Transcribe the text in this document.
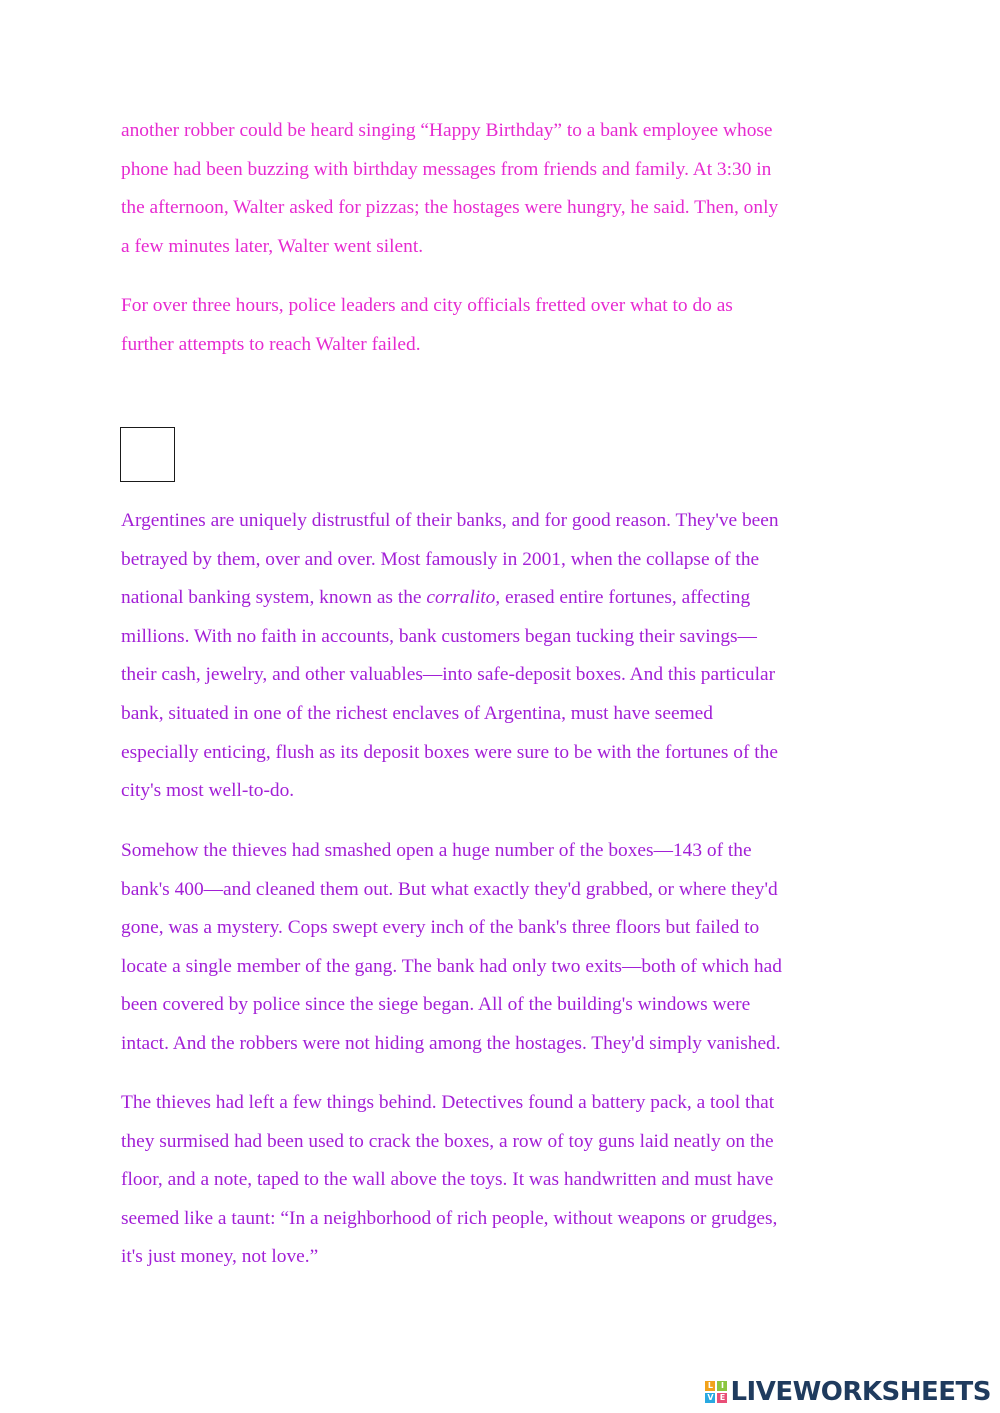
another robber could be heard singing “Happy Birthday” to a bank employee whose
phone had been buzzing with birthday messages from friends and family. At 3:30 in
the afternoon, Walter asked for pizzas; the hostages were hungry, he said. Then, only
a few minutes later, Walter went silent.

For over three hours, police leaders and city officials fretted over what to do as
further attempts to reach Walter failed.

Argentines are uniquely distrustful of their banks, and for good reason. They've been
betrayed by them, over and over. Most famously in 2001, when the collapse of the
national banking system, known as the corralito, erased entire fortunes, affecting
millions. With no faith in accounts, bank customers began tucking their savings—
their cash, jewelry, and other valuables—into safe-deposit boxes. And this particular
bank, situated in one of the richest enclaves of Argentina, must have seemed
especially enticing, flush as its deposit boxes were sure to be with the fortunes of the
city's most well-to-do.

Somehow the thieves had smashed open a huge number of the boxes—143 of the
bank's 400—and cleaned them out. But what exactly they'd grabbed, or where they'd
gone, was a mystery. Cops swept every inch of the bank's three floors but failed to
locate a single member of the gang. The bank had only two exits—both of which had
been covered by police since the siege began. All of the building's windows were
intact. And the robbers were not hiding among the hostages. They'd simply vanished.

The thieves had left a few things behind. Detectives found a battery pack, a tool that
they surmised had been used to crack the boxes, a row of toy guns laid neatly on the
floor, and a note, taped to the wall above the toys. It was handwritten and must have
seemed like a taunt: “In a neighborhood of rich people, without weapons or grudges,
it's just money, not love.”

L I
V E LIVEWORKSHEETS
